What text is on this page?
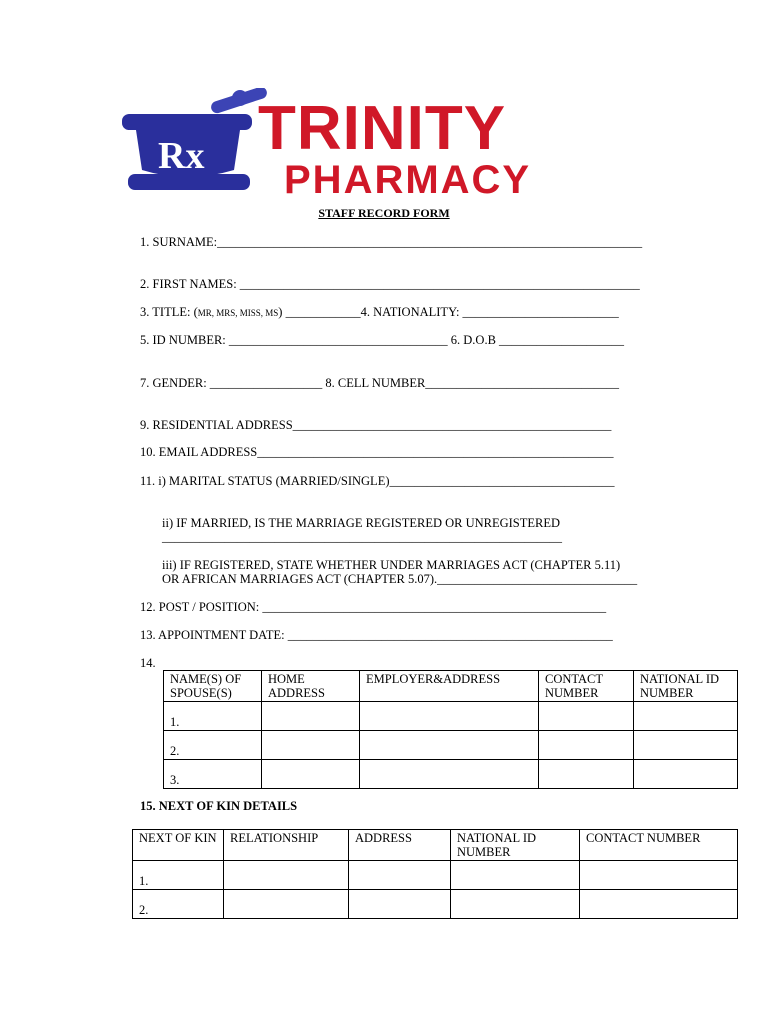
Rx TRINITY
PHARMACY
STAFF RECORD FORM
1. SURNAME:____________________________________________________________________
2. FIRST NAMES: ________________________________________________________________
3. TITLE: (MR, MRS, MISS, MS) ____________4. NATIONALITY: _________________________
5. ID NUMBER: ___________________________________ 6. D.O.B ____________________
7. GENDER: __________________ 8. CELL NUMBER_______________________________
9. RESIDENTIAL ADDRESS___________________________________________________
10. EMAIL ADDRESS_________________________________________________________
11. i) MARITAL STATUS (MARRIED/SINGLE)____________________________________
ii) IF MARRIED, IS THE MARRIAGE REGISTERED OR UNREGISTERED
________________________________________________________________
iii) IF REGISTERED, STATE WHETHER UNDER MARRIAGES ACT (CHAPTER 5.11)
OR AFRICAN MARRIAGES ACT (CHAPTER 5.07).________________________________
12. POST / POSITION: _______________________________________________________
13. APPOINTMENT DATE: ____________________________________________________
14.
NAME(S) OF SPOUSE(S)	HOME ADDRESS	EMPLOYER&ADDRESS	CONTACT NUMBER	NATIONAL ID NUMBER
1.				
2.				
3.				
15. NEXT OF KIN DETAILS
NEXT OF KIN	RELATIONSHIP	ADDRESS	NATIONAL ID NUMBER	CONTACT NUMBER
1.				
2.				
